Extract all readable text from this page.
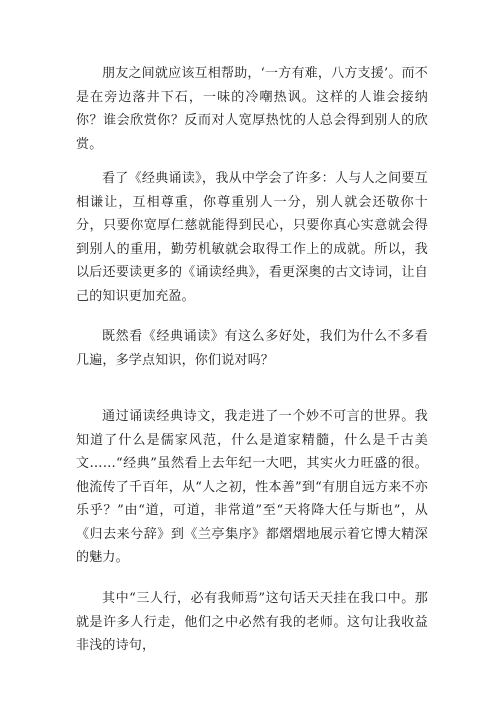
朋友之间就应该互相帮助，‘一方有难，八方支援’。而不是在旁边落井下石，一味的冷嘲热讽。这样的人谁会接纳你？谁会欣赏你？反而对人宽厚热忱的人总会得到别人的欣赏。

看了《经典诵读》，我从中学会了许多：人与人之间要互相谦让，互相尊重，你尊重别人一分，别人就会还敬你十分，只要你宽厚仁慈就能得到民心，只要你真心实意就会得到别人的重用，勤劳机敏就会取得工作上的成就。所以，我以后还要读更多的《诵读经典》，看更深奥的古文诗词，让自己的知识更加充盈。

既然看《经典诵读》有这么多好处，我们为什么不多看几遍，多学点知识，你们说对吗？

通过诵读经典诗文，我走进了一个妙不可言的世界。我知道了什么是儒家风范，什么是道家精髓，什么是千古美文……“经典”虽然看上去年纪一大吧，其实火力旺盛的很。他流传了千百年，从“人之初，性本善”到“有朋自远方来不亦乐乎？”由“道，可道，非常道”至“天将降大任与斯也”，从《归去来兮辞》到《兰亭集序》都熠熠地展示着它博大精深的魅力。

其中“三人行，必有我师焉”这句话天天挂在我口中。那就是许多人行走，他们之中必然有我的老师。这句让我收益非浅的诗句，
